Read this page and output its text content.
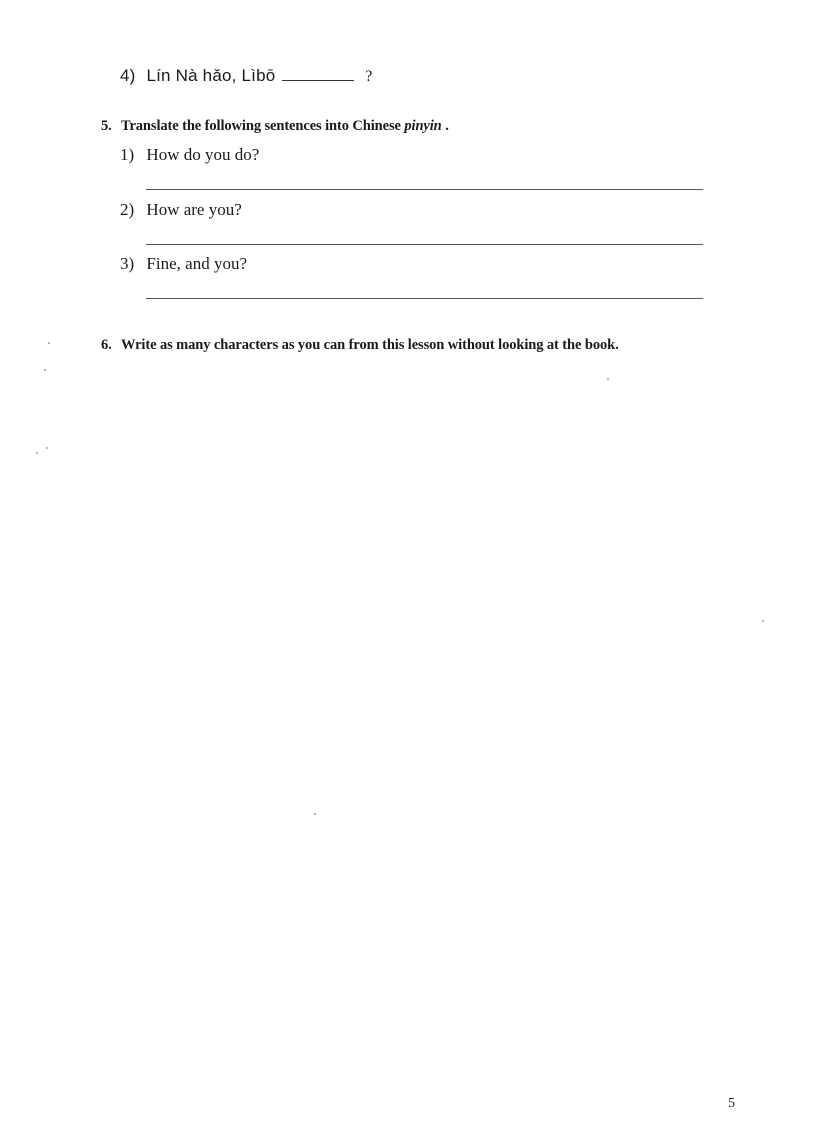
4) Lín Nà hǎo, Lìbō	?
5. Translate the following sentences into Chinese pinyin .
1) How do you do?
2) How are you?
3) Fine, and you?
6. Write as many characters as you can from this lesson without looking at the book.
5
